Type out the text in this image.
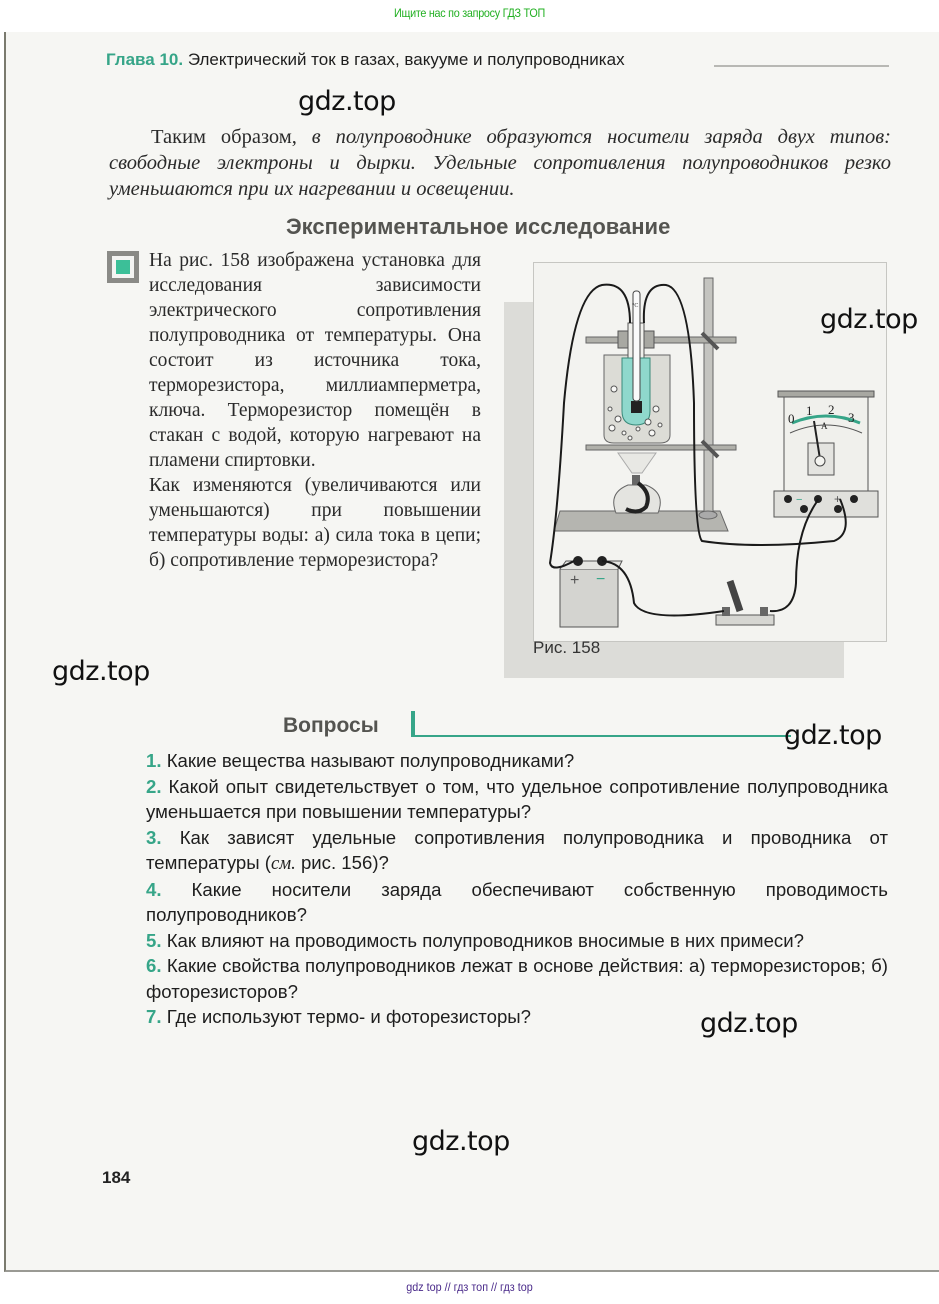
Ищите нас по запросу ГДЗ ТОП
Глава 10. Электрический ток в газах, вакууме и полупроводниках
gdz.top

Таким образом, в полупроводнике образуются носители заряда двух типов: свободные электроны и дырки. Удельные сопротивления полупроводников резко уменьшаются при их нагревании и освещении.

Экспериментальное исследование

На рис. 158 изображена установка для исследования зависимости электрического сопротивления полупроводника от температуры. Она состоит из источника тока, терморезистора, миллиамперметра, ключа. Терморезистор помещён в стакан с водой, которую нагревают на пламени спиртовки.

Как изменяются (увеличиваются или уменьшаются) при повышении температуры воды: а) сила тока в цепи; б) сопротивление терморезистора?

°C
0
1 2
3
A
−	+
+ −
Рис. 158
gdz.top
gdz.top
Вопросы	gdz.top
1. Какие вещества называют полупроводниками?
2. Какой опыт свидетельствует о том, что удельное сопротивление полупроводника уменьшается при повышении температуры?
3. Как зависят удельные сопротивления полупроводника и проводника от температуры (см. рис. 156)?
4. Какие носители заряда обеспечивают собственную проводимость полупроводников?
5. Как влияют на проводимость полупроводников вносимые в них примеси?
6. Какие свойства полупроводников лежат в основе действия: а) терморезисторов; б) фоторезисторов?
7. Где используют термо- и фоторезисторы?	gdz.top
gdz.top
184
gdz top // гдз топ // гдз top
